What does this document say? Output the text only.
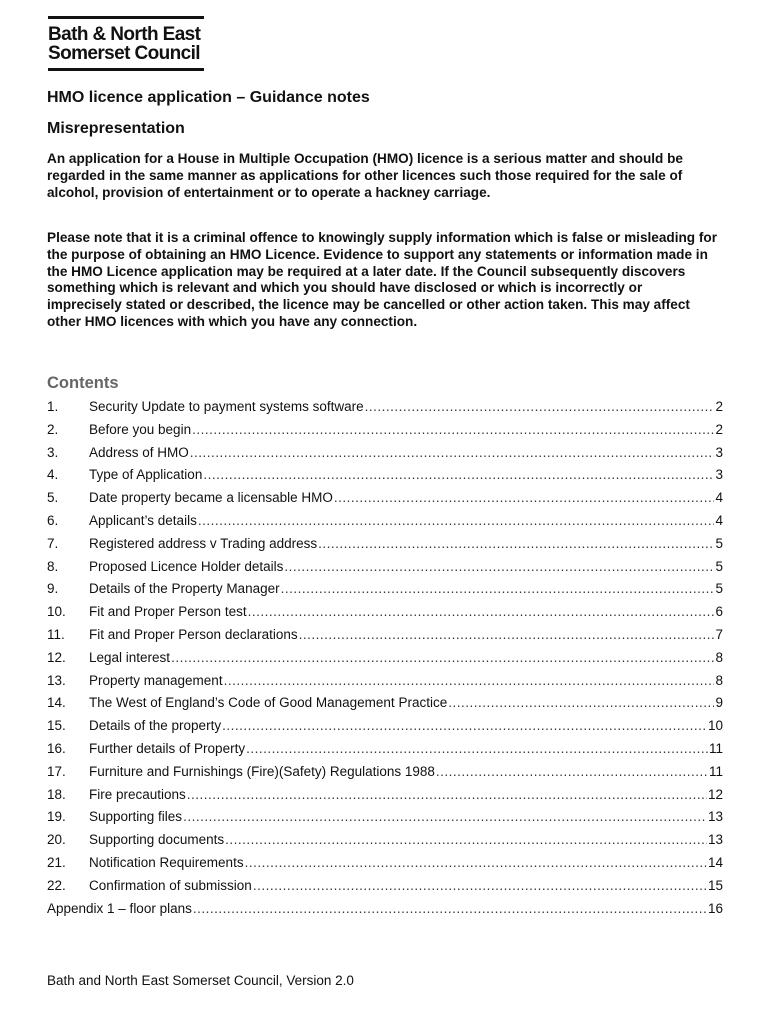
Bath & North East
Somerset Council
HMO licence application – Guidance notes
Misrepresentation

An application for a House in Multiple Occupation (HMO) licence is a serious matter and should be regarded in the same manner as applications for other licences such those required for the sale of alcohol, provision of entertainment or to operate a hackney carriage.

Please note that it is a criminal offence to knowingly supply information which is false or misleading for the purpose of obtaining an HMO Licence. Evidence to support any statements or information made in the HMO Licence application may be required at a later date. If the Council subsequently discovers something which is relevant and which you should have disclosed or which is incorrectly or imprecisely stated or described, the licence may be cancelled or other action taken. This may affect other HMO licences with which you have any connection.

Contents
1.	Security Update to payment systems software .....	2
2.	Before you begin .....	2
3.	Address of HMO .....	3
4.	Type of Application .....	3
5.	Date property became a licensable HMO .....	4
6.	Applicant’s details .....	4
7.	Registered address v Trading address .....	5
8.	Proposed Licence Holder details .....	5
9.	Details of the Property Manager .....	5
10.	Fit and Proper Person test .....	6
11.	Fit and Proper Person declarations .....	7
12.	Legal interest .....	8
13.	Property management .....	8
14.	The West of England’s Code of Good Management Practice .....	9
15.	Details of the property .....	10
16.	Further details of Property .....	11
17.	Furniture and Furnishings (Fire)(Safety) Regulations 1988 .....	11
18.	Fire precautions .....	12
19.	Supporting files .....	13
20.	Supporting documents .....	13
21.	Notification Requirements .....	14
22.	Confirmation of submission .....	15
Appendix 1 – floor plans .....	16

Bath and North East Somerset Council, Version 2.0
